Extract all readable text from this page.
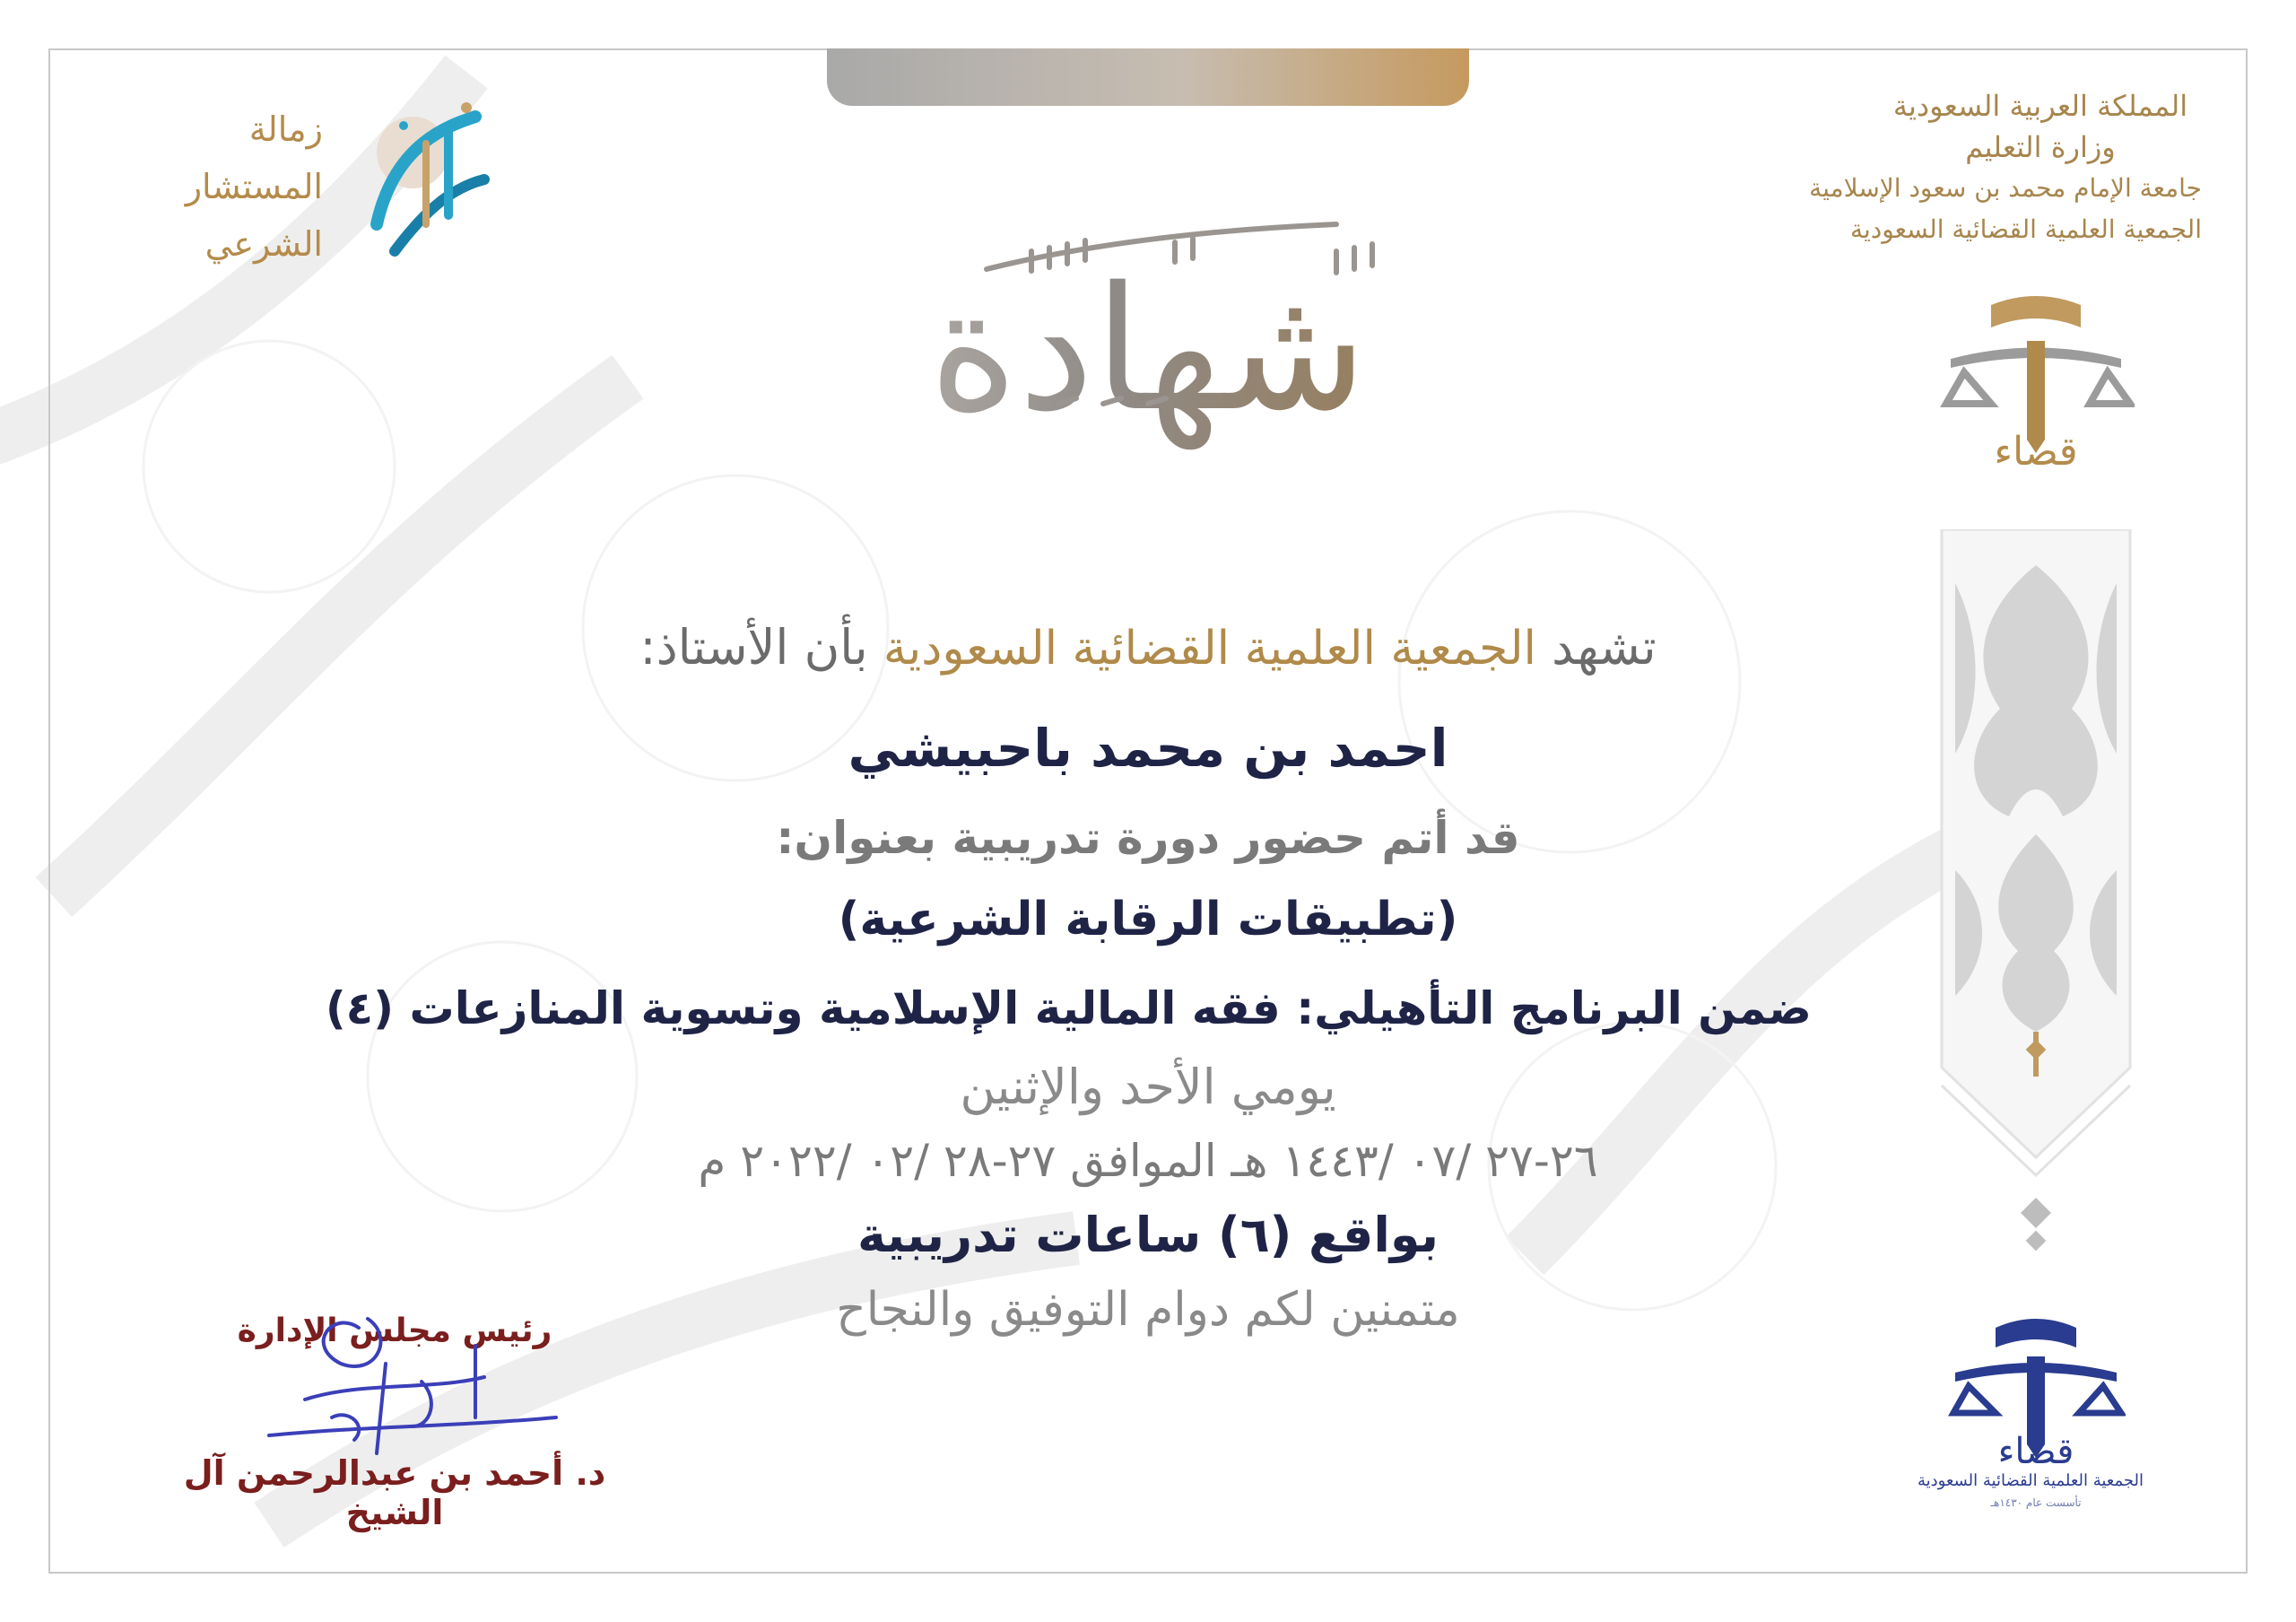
زمالة
المستشار
الشرعي
المملكة العربية السعودية
وزارة التعليم
جامعة الإمام محمد بن سعود الإسلامية
الجمعية العلمية القضائية السعودية
قضاء
شهادة
تشهد الجمعية العلمية القضائية السعودية بأن الأستاذ:
احمد بن محمد باحبيشي
قد أتم حضور دورة تدريبية بعنوان:
(تطبيقات الرقابة الشرعية)
ضمن البرنامج التأهيلي: فقه المالية الإسلامية وتسوية المنازعات (٤)
يومي الأحد والإثنين
٢٦-٢٧ /٠٧ /١٤٤٣ هـ الموافق ٢٧-٢٨ /٠٢ /٢٠٢٢ م
بواقع (٦) ساعات تدريبية
متمنين لكم دوام التوفيق والنجاح
رئيس مجلس الإدارة
د. أحمد بن عبدالرحمن آل الشيخ
قضاء
الجمعية العلمية القضائية السعودية
تأسست عام ١٤٣٠هـ
